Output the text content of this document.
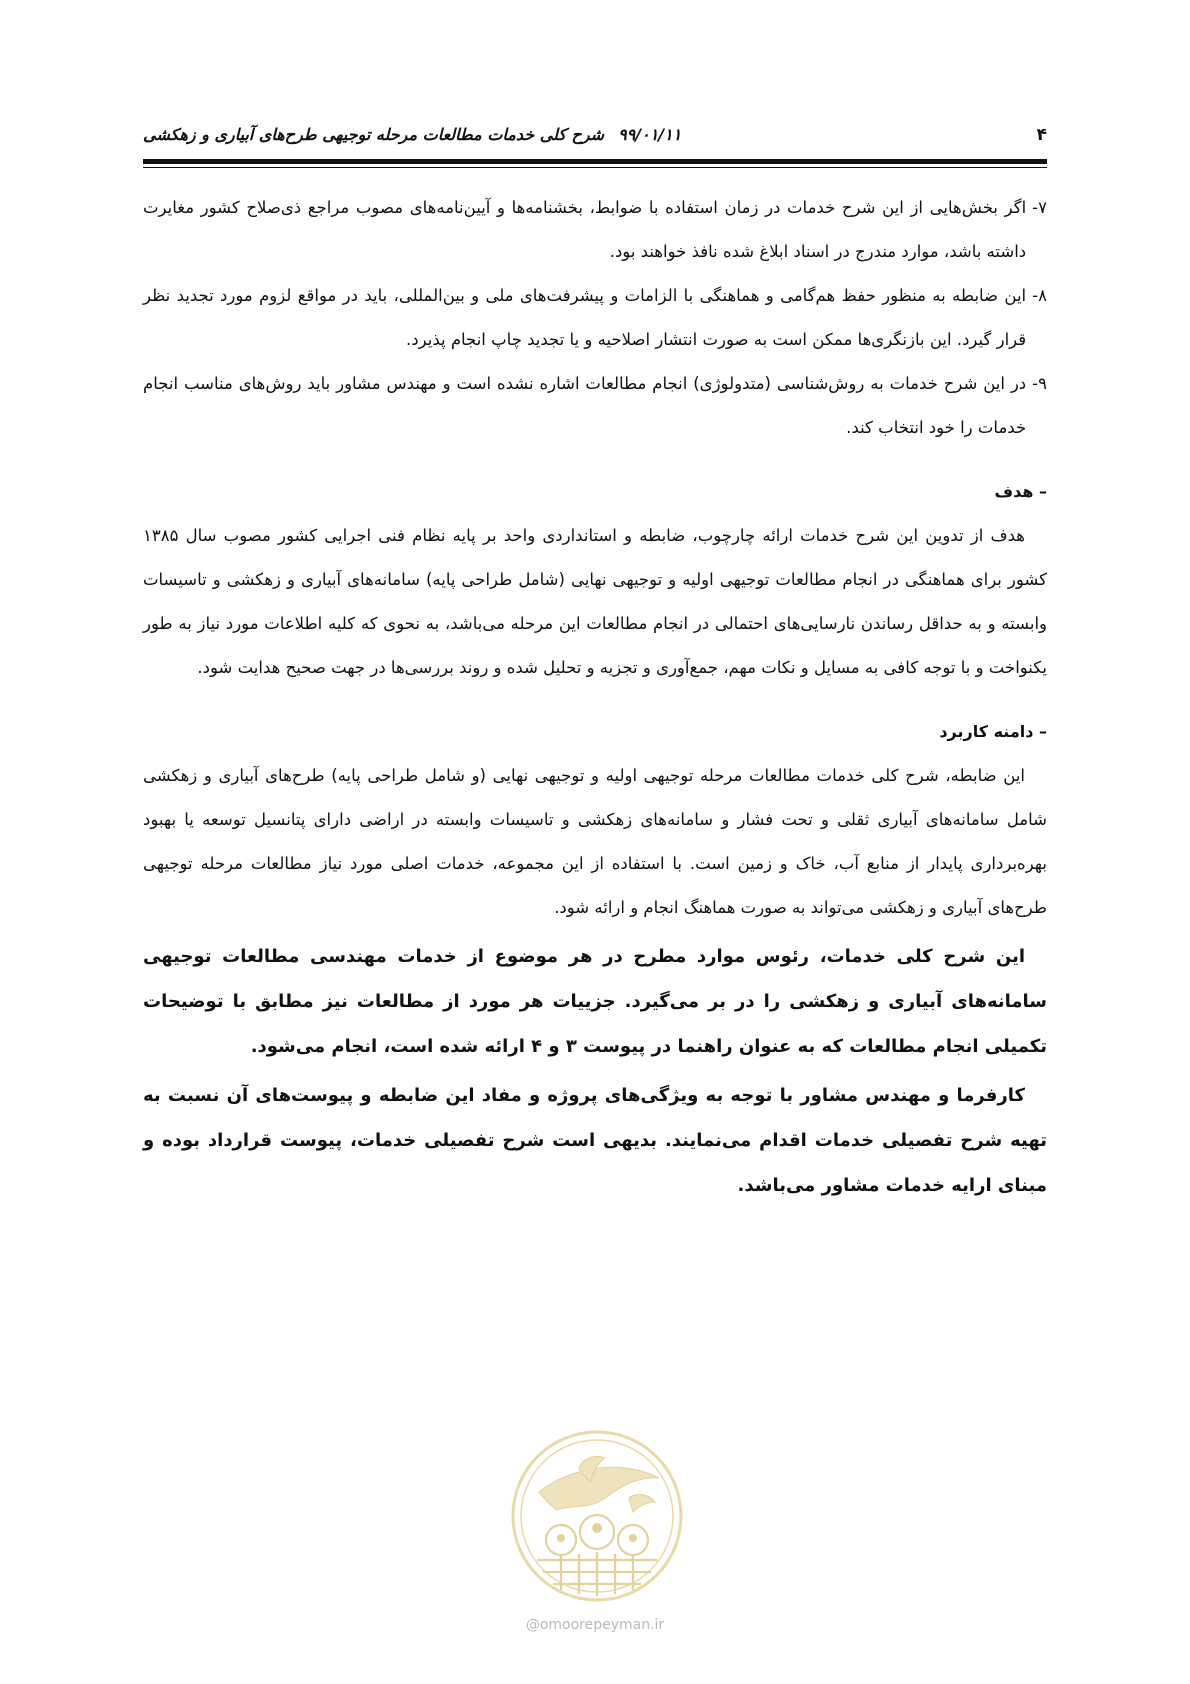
۴
۹۹/۰۱/۱۱شرح کلی خدمات مطالعات مرحله توجیهی طرح‌های آبیاری و زهکشی
۷-
اگر بخش‌هایی از این شرح خدمات در زمان استفاده با ضوابط، بخشنامه‌ها و آیین‌نامه‌های مصوب مراجع ذی‌صلاح کشور مغایرت داشته باشد، موارد مندرج در اسناد ابلاغ شده نافذ خواهند بود.
۸-
این ضابطه به منظور حفظ هم‌گامی و هماهنگی با الزامات و پیشرفت‌های ملی و بین‌المللی، باید در مواقع لزوم مورد تجدید نظر قرار گیرد. این بازنگری‌ها ممکن است به صورت انتشار اصلاحیه و یا تجدید چاپ انجام پذیرد.
۹-
در این شرح خدمات به روش‌شناسی (متدولوژی) انجام مطالعات اشاره نشده است و مهندس مشاور باید روش‌های مناسب انجام خدمات را خود انتخاب کند.
– هدف

هدف از تدوین این شرح خدمات ارائه چارچوب، ضابطه و استانداردی واحد بر پایه نظام فنی اجرایی کشور مصوب سال ۱۳۸۵ کشور برای هماهنگی در انجام مطالعات توجیهی اولیه و توجیهی نهایی (شامل طراحی پایه) سامانه‌های آبیاری و زهکشی و تاسیسات وابسته و به حداقل رساندن نارسایی‌های احتمالی در انجام مطالعات این مرحله می‌باشد، به نحوی که کلیه اطلاعات مورد نیاز به طور یکنواخت و با توجه کافی به مسایل و نکات مهم، جمع‌آوری و تجزیه و تحلیل شده و روند بررسی‌ها در جهت صحیح هدایت شود.

– دامنه کاربرد

این ضابطه، شرح کلی خدمات مطالعات مرحله توجیهی اولیه و توجیهی نهایی (و شامل طراحی پایه) طرح‌های آبیاری و زهکشی شامل سامانه‌های آبیاری ثقلی و تحت فشار و سامانه‌های زهکشی و تاسیسات وابسته در اراضی دارای پتانسیل توسعه یا بهبود بهره‌برداری پایدار از منابع آب، خاک و زمین است. با استفاده از این مجموعه، خدمات اصلی مورد نیاز مطالعات مرحله توجیهی طرح‌های آبیاری و زهکشی می‌تواند به صورت هماهنگ انجام و ارائه شود.

این شرح کلی خدمات، رئوس موارد مطرح در هر موضوع از خدمات مهندسی مطالعات توجیهی سامانه‌های آبیاری و زهکشی را در بر می‌گیرد. جزییات هر مورد از مطالعات نیز مطابق با توضیحات تکمیلی انجام مطالعات که به عنوان راهنما در پیوست ۳ و ۴ ارائه شده است، انجام می‌شود.

کارفرما و مهندس مشاور با توجه به ویژگی‌های پروژه و مفاد این ضابطه و پیوست‌های آن نسبت به تهیه شرح تفصیلی خدمات اقدام می‌نمایند. بدیهی است شرح تفصیلی خدمات، پیوست قرارداد بوده و مبنای ارایه خدمات مشاور می‌باشد.

@omoorepeyman.ir
